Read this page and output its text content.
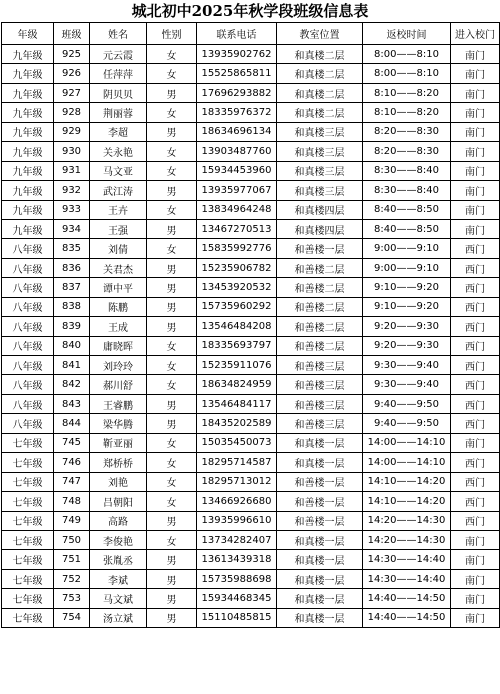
城北初中2025年秋学段班级信息表
年级	班级	姓名	性别	联系电话	教室位置	返校时间	进入校门
九年级	925	元云霞	女	13935902762	和真楼二层	8:00——8:10	南门
九年级	926	任萍萍	女	15525865811	和真楼二层	8:00——8:10	南门
九年级	927	阴贝贝	男	17696293882	和真楼二层	8:10——8:20	南门
九年级	928	荆丽蓉	女	18335976372	和真楼二层	8:10——8:20	南门
九年级	929	李超	男	18634696134	和真楼三层	8:20——8:30	南门
九年级	930	关永艳	女	13903487760	和真楼三层	8:20——8:30	南门
九年级	931	马文亚	女	15934453960	和真楼三层	8:30——8:40	南门
九年级	932	武江涛	男	13935977067	和真楼三层	8:30——8:40	南门
九年级	933	王卉	女	13834964248	和真楼四层	8:40——8:50	南门
九年级	934	王强	男	13467270513	和真楼四层	8:40——8:50	南门
八年级	835	刘倩	女	15835992776	和善楼一层	9:00——9:10	西门
八年级	836	关君杰	男	15235906782	和善楼二层	9:00——9:10	西门
八年级	837	谭中平	男	13453920532	和善楼二层	9:10——9:20	西门
八年级	838	陈鹏	男	15735960292	和善楼二层	9:10——9:20	西门
八年级	839	王成	男	13546484208	和善楼二层	9:20——9:30	西门
八年级	840	庸晓晖	女	18335693797	和善楼二层	9:20——9:30	西门
八年级	841	刘玲玲	女	15235911076	和善楼三层	9:30——9:40	西门
八年级	842	郝川舒	女	18634824959	和善楼三层	9:30——9:40	西门
八年级	843	王睿鹏	男	13546484117	和善楼三层	9:40——9:50	西门
八年级	844	梁华腾	男	18435202589	和善楼三层	9:40——9:50	西门
七年级	745	靳亚丽	女	15035450073	和真楼一层	14:00——14:10	南门
七年级	746	郑桥桥	女	18295714587	和真楼一层	14:00——14:10	西门
七年级	747	刘艳	女	18295713012	和善楼一层	14:10——14:20	西门
七年级	748	吕朝阳	女	13466926680	和善楼一层	14:10——14:20	西门
七年级	749	高路	男	13935996610	和善楼一层	14:20——14:30	西门
七年级	750	李俊艳	女	13734282407	和真楼一层	14:20——14:30	南门
七年级	751	张胤丞	男	13613439318	和真楼一层	14:30——14:40	南门
七年级	752	李斌	男	15735988698	和真楼一层	14:30——14:40	南门
七年级	753	马文斌	男	15934468345	和真楼一层	14:40——14:50	南门
七年级	754	汤立斌	男	15110485815	和真楼一层	14:40——14:50	南门
